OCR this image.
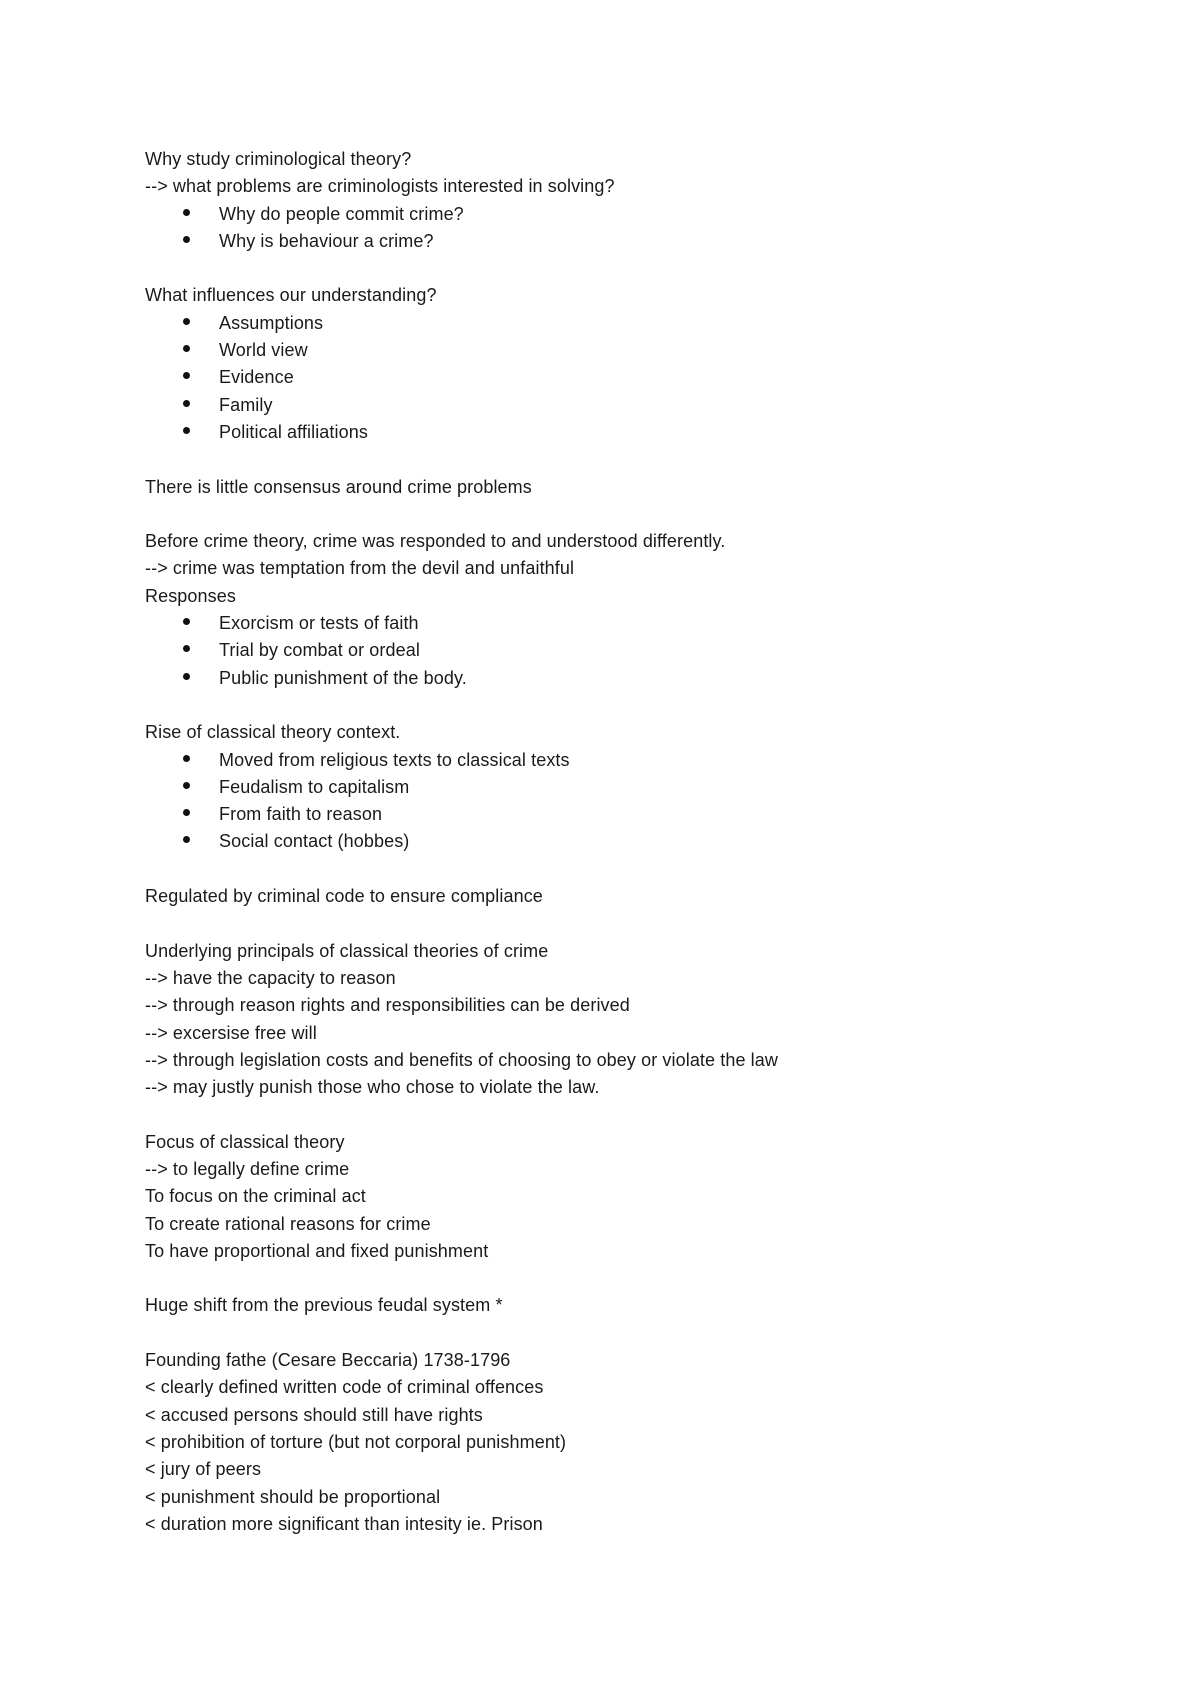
Why study criminological theory?
--> what problems are criminologists interested in solving?
Why do people commit crime?
Why is behaviour a crime?
What influences our understanding?
Assumptions
World view
Evidence
Family
Political affiliations
There is little consensus around crime problems
Before crime theory, crime was responded to and understood differently.
--> crime was temptation from the devil and unfaithful
Responses
Exorcism or tests of faith
Trial by combat or ordeal
Public punishment of the body.
Rise of classical theory context.
Moved from religious texts to classical texts
Feudalism to capitalism
From faith to reason
Social contact (hobbes)
Regulated by criminal code to ensure compliance
Underlying principals of classical theories of crime
--> have the capacity to reason
--> through reason rights and responsibilities can be derived
--> excersise free will
--> through legislation costs and benefits of choosing to obey or violate the law
--> may justly punish those who chose to violate the law.
Focus of classical theory
--> to legally define crime
To focus on the criminal act
To create rational reasons for crime
To have proportional and fixed punishment
Huge shift from the previous feudal system *
Founding fathe (Cesare Beccaria) 1738-1796
< clearly defined written code of criminal offences
< accused persons should still have rights
< prohibition of torture (but not corporal punishment)
< jury of peers
< punishment should be proportional
< duration more significant than intesity ie. Prison
